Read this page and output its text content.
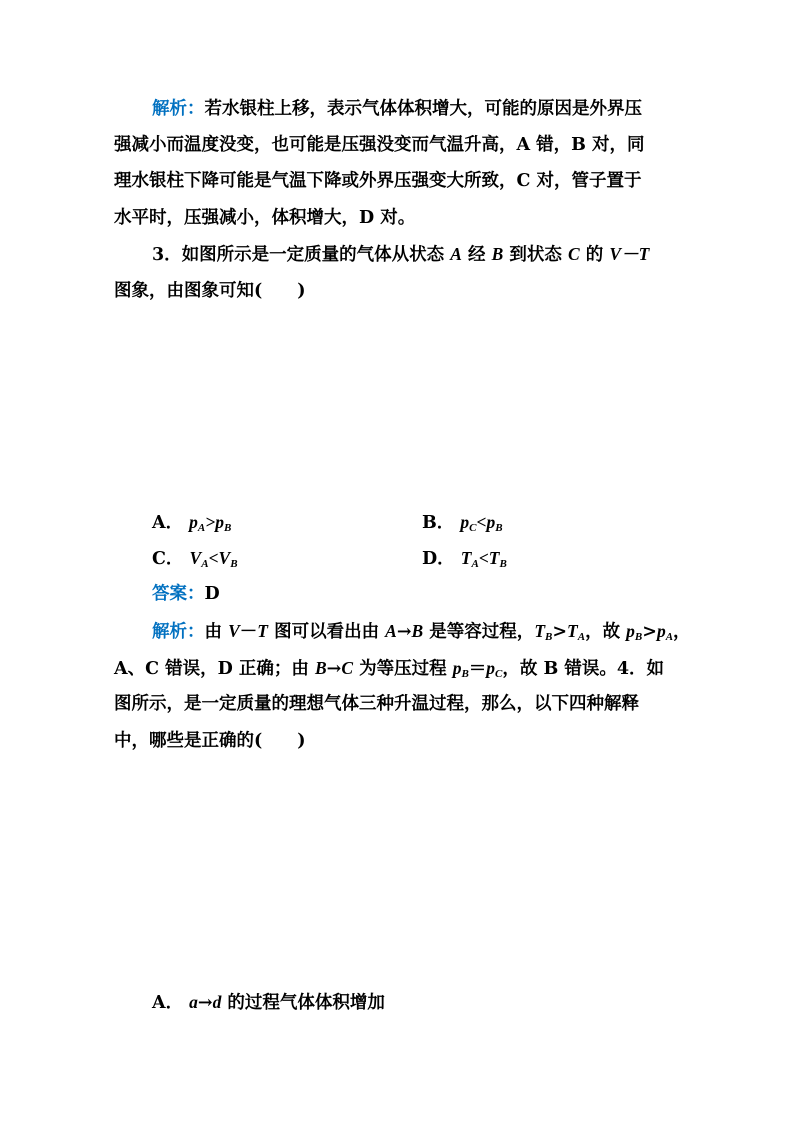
解析：若水银柱上移，表示气体体积增大，可能的原因是外界压
强减小而温度没变，也可能是压强没变而气温升高，A 错，B 对，同
理水银柱下降可能是气温下降或外界压强变大所致，C 对，管子置于
水平时，压强减小，体积增大，D 对。
3．如图所示是一定质量的气体从状态 A 经 B 到状态 C 的 V－T
图象，由图象可知(　　)
A． $p_A>p_B$	B． $p_C<p_B$
C． $V_A<V_B$	D． $T_A<T_B$
答案：D
解析：由 V－T 图可以看出由 A→B 是等容过程，$T_B>T_A$，故 $p_B>p_A$，
A、C 错误，D 正确；由 B→C 为等压过程 $p_B=p_C$，故 B 错误。4．如
图所示，是一定质量的理想气体三种升温过程，那么，以下四种解释
中，哪些是正确的(　　)
A． a→d 的过程气体体积增加
